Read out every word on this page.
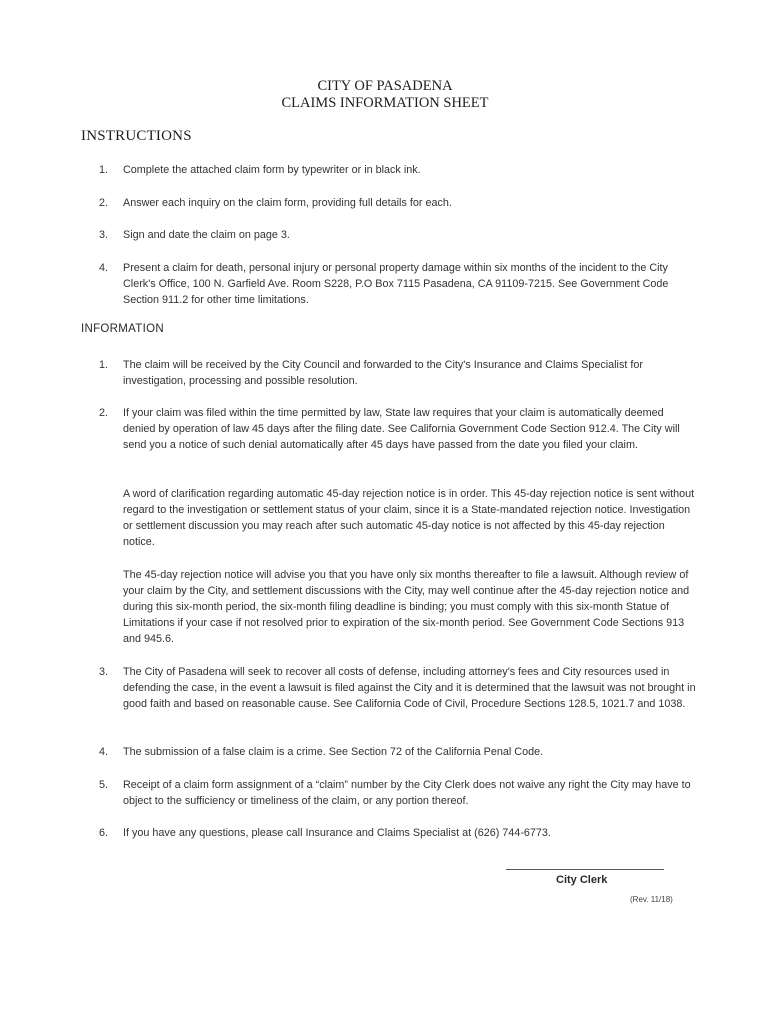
CITY OF PASADENA
CLAIMS INFORMATION SHEET
INSTRUCTIONS
1.	Complete the attached claim form by typewriter or in black ink.
2.	Answer each inquiry on the claim form, providing full details for each.
3.	Sign and date the claim on page 3.
4.	Present a claim for death, personal injury or personal property damage within six months of the incident to the City Clerk's Office, 100 N. Garfield Ave. Room S228, P.O Box 7115 Pasadena, CA 91109-7215. See Government Code Section 911.2 for other time limitations.
INFORMATION
1.	The claim will be received by the City Council and forwarded to the City's Insurance and Claims Specialist for investigation, processing and possible resolution.
2.	If your claim was filed within the time permitted by law, State law requires that your claim is automatically deemed denied by operation of law 45 days after the filing date. See California Government Code Section 912.4. The City will send you a notice of such denial automatically after 45 days have passed from the date you filed your claim.
A word of clarification regarding automatic 45-day rejection notice is in order. This 45-day rejection notice is sent without regard to the investigation or settlement status of your claim, since it is a State-mandated rejection notice. Investigation or settlement discussion you may reach after such automatic 45-day notice is not affected by this 45-day rejection notice.
The 45-day rejection notice will advise you that you have only six months thereafter to file a lawsuit. Although review of your claim by the City, and settlement discussions with the City, may well continue after the 45-day rejection notice and during this six-month period, the six-month filing deadline is binding; you must comply with this six-month Statue of Limitations if your case if not resolved prior to expiration of the six-month period. See Government Code Sections 913 and 945.6.
3.	The City of Pasadena will seek to recover all costs of defense, including attorney's fees and City resources used in defending the case, in the event a lawsuit is filed against the City and it is determined that the lawsuit was not brought in good faith and based on reasonable cause. See California Code of Civil, Procedure Sections 128.5, 1021.7 and 1038.
4.	The submission of a false claim is a crime. See Section 72 of the California Penal Code.
5.	Receipt of a claim form assignment of a “claim” number by the City Clerk does not waive any right the City may have to object to the sufficiency or timeliness of the claim, or any portion thereof.
6.	If you have any questions, please call Insurance and Claims Specialist at (626) 744-6773.
City Clerk
(Rev. 11/18)
